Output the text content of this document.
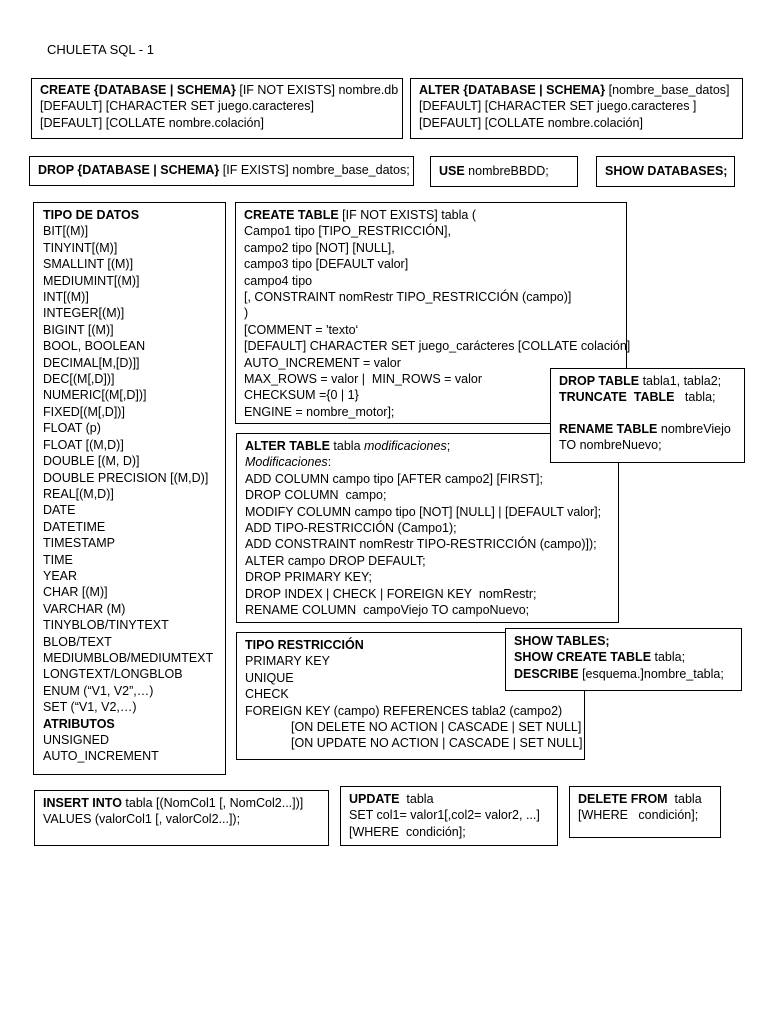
CHULETA SQL - 1
CREATE {DATABASE | SCHEMA} [IF NOT EXISTS] nombre.db
[DEFAULT] [CHARACTER SET juego.caracteres]
[DEFAULT] [COLLATE nombre.colación]
ALTER {DATABASE | SCHEMA} [nombre_base_datos]
[DEFAULT] [CHARACTER SET juego.caracteres ]
[DEFAULT] [COLLATE nombre.colación]
DROP {DATABASE | SCHEMA} [IF EXISTS] nombre_base_datos; USE nombreBBDD;	SHOW DATABASES;
TIPO DE DATOS
BIT[(M)]
TINYINT[(M)]
SMALLINT [(M)]
MEDIUMINT[(M)]
INT[(M)]
INTEGER[(M)]
BIGINT [(M)]
BOOL, BOOLEAN
DECIMAL[M,[D)]]
DEC[(M[,D])]
NUMERIC[(M[,D])]
FIXED[(M[,D])]
FLOAT (p)
FLOAT [(M,D)]
DOUBLE [(M, D)]
DOUBLE PRECISION [(M,D)]
REAL[(M,D)]
DATE
DATETIME
TIMESTAMP
TIME
YEAR
CHAR [(M)]
VARCHAR (M)
TINYBLOB/TINYTEXT
BLOB/TEXT
MEDIUMBLOB/MEDIUMTEXT
LONGTEXT/LONGBLOB
ENUM (“V1, V2”,…)
SET (“V1, V2,…)
ATRIBUTOS
UNSIGNED
AUTO_INCREMENT
CREATE TABLE [IF NOT EXISTS] tabla (
Campo1 tipo [TIPO_RESTRICCIÓN],
campo2 tipo [NOT] [NULL],
campo3 tipo [DEFAULT valor]
campo4 tipo
[, CONSTRAINT nomRestr TIPO_RESTRICCIÓN (campo)]
)
[COMMENT = 'texto‘
[DEFAULT] CHARACTER SET juego_carácteres [COLLATE colación]
AUTO_INCREMENT = valor
MAX_ROWS = valor |  MIN_ROWS = valor
CHECKSUM ={0 | 1}
ENGINE = nombre_motor];
ALTER TABLE tabla modificaciones;
Modificaciones:
ADD COLUMN campo tipo [AFTER campo2] [FIRST];
DROP COLUMN  campo;
MODIFY COLUMN campo tipo [NOT] [NULL] | [DEFAULT valor];
ADD TIPO-RESTRICCIÓN (Campo1);
ADD CONSTRAINT nomRestr TIPO-RESTRICCIÓN (campo)]);
ALTER campo DROP DEFAULT;
DROP PRIMARY KEY;
DROP INDEX | CHECK | FOREIGN KEY  nomRestr;
RENAME COLUMN  campoViejo TO campoNuevo;
DROP TABLE tabla1, tabla2;
TRUNCATE  TABLE   tabla;
RENAME TABLE nombreViejo
TO nombreNuevo;
TIPO RESTRICCIÓN
PRIMARY KEY
UNIQUE
CHECK
FOREIGN KEY (campo) REFERENCES tabla2 (campo2)
[ON DELETE NO ACTION | CASCADE | SET NULL]
[ON UPDATE NO ACTION | CASCADE | SET NULL]
SHOW TABLES;
SHOW CREATE TABLE tabla;
DESCRIBE [esquema.]nombre_tabla;
INSERT INTO tabla [(NomCol1 [, NomCol2...])]
VALUES (valorCol1 [, valorCol2...]);
UPDATE  tabla
SET col1= valor1[,col2= valor2, ...]
[WHERE  condición];
DELETE FROM  tabla
[WHERE   condición];
